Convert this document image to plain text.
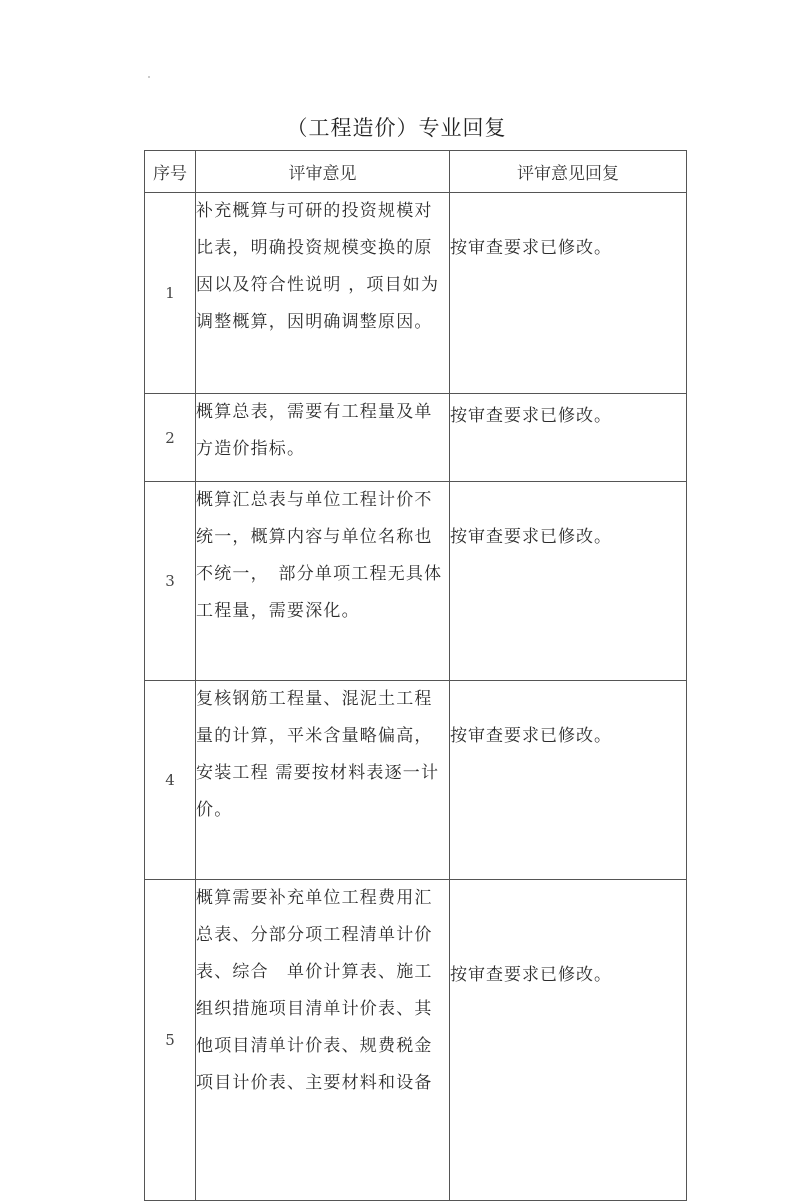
（工程造价）专业回复
序号	评审意见	评审意见回复
1	补充概算与可研的投资规模对比表，明确投资规模变换的原因以及符合性说明 ，项目如为调整概算，因明确调整原因。	按审查要求已修改。
2	概算总表，需要有工程量及单方造价指标。	按审查要求已修改。
3	概算汇总表与单位工程计价不统一，概算内容与单位名称也不统一，　部分单项工程无具体工程量，需要深化。	按审查要求已修改。
4	复核钢筋工程量、混泥土工程量的计算，平米含量略偏高，安装工程 需要按材料表逐一计价。	按审查要求已修改。
5	概算需要补充单位工程费用汇总表、分部分项工程清单计价表、综合　单价计算表、施工组织措施项目清单计价表、其他项目清单计价表、规费税金项目计价表、主要材料和设备	按审查要求已修改。
